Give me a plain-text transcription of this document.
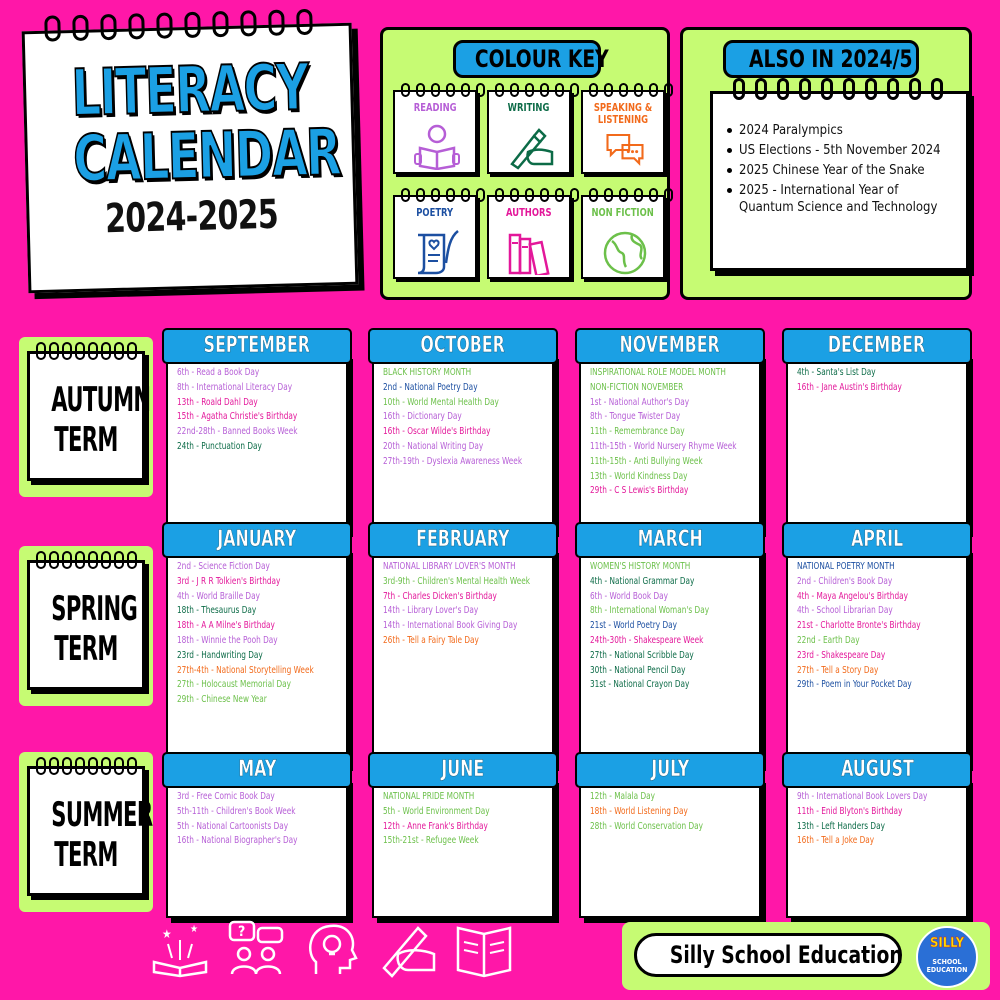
LITERACY
CALENDAR
2024-2025
COLOUR KEY
READING	WRITING	SPEAKING & LISTENING
POETRY	AUTHORS	NON FICTION
ALSO IN 2024/5
2024 Paralympics
US Elections - 5th November 2024
2025 Chinese Year of the Snake
2025 - International Year of Quantum Science and Technology
AUTUMN
TERM
SPRING
TERM
SUMMER
TERM
6th - Read a Book Day
8th - International Literacy Day
13th - Roald Dahl Day
15th - Agatha Christie's Birthday
22nd-28th - Banned Books Week
24th - Punctuation Day
SEPTEMBER
BLACK HISTORY MONTH
2nd - National Poetry Day
10th - World Mental Health Day
16th - Dictionary Day
16th - Oscar Wilde's Birthday
20th - National Writing Day
27th-19th - Dyslexia Awareness Week
OCTOBER
INSPIRATIONAL ROLE MODEL MONTH
NON-FICTION NOVEMBER
1st - National Author's Day
8th - Tongue Twister Day
11th - Remembrance Day
11th-15th - World Nursery Rhyme Week
11th-15th - Anti Bullying Week
13th - World Kindness Day
29th - C S Lewis's Birthday
NOVEMBER
4th - Santa's List Day
16th - Jane Austin's Birthday
DECEMBER
2nd - Science Fiction Day
3rd - J R R Tolkien's Birthday
4th - World Braille Day
18th - Thesaurus Day
18th - A A Milne's Birthday
18th - Winnie the Pooh Day
23rd - Handwriting Day
27th-4th - National Storytelling Week
27th - Holocaust Memorial Day
29th - Chinese New Year
JANUARY
NATIONAL LIBRARY LOVER'S MONTH
3rd-9th - Children's Mental Health Week
7th - Charles Dicken's Birthday
14th - Library Lover's Day
14th - International Book Giving Day
26th - Tell a Fairy Tale Day
FEBRUARY
WOMEN'S HISTORY MONTH
4th - National Grammar Day
6th - World Book Day
8th - International Woman's Day
21st - World Poetry Day
24th-30th - Shakespeare Week
27th - National Scribble Day
30th - National Pencil Day
31st - National Crayon Day
MARCH
NATIONAL POETRY MONTH
2nd - Children's Book Day
4th - Maya Angelou's Birthday
4th - School Librarian Day
21st - Charlotte Bronte's Birthday
22nd - Earth Day
23rd - Shakespeare Day
27th - Tell a Story Day
29th - Poem in Your Pocket Day
APRIL
3rd - Free Comic Book Day
5th-11th - Children's Book Week
5th - National Cartoonists Day
16th - National Biographer's Day
MAY
NATIONAL PRIDE MONTH
5th - World Environment Day
12th - Anne Frank's Birthday
15th-21st - Refugee Week
JUNE
12th - Malala Day
18th - World Listening Day
28th - World Conservation Day
JULY
9th - International Book Lovers Day
11th - Enid Blyton's Birthday
13th - Left Handers Day
16th - Tell a Joke Day
AUGUST
★ ★	?
Silly School Education	SILLY
SCHOOL EDUCATION
